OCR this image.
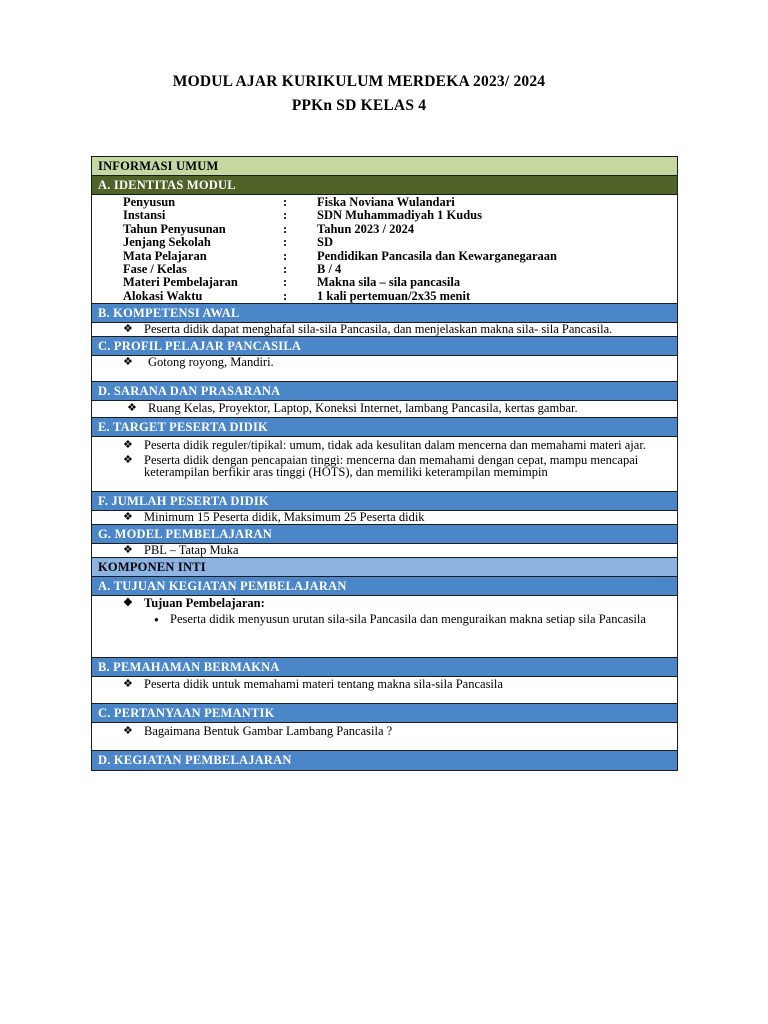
MODUL AJAR KURIKULUM MERDEKA 2023/ 2024
PPKn SD KELAS 4
INFORMASI UMUM
A. IDENTITAS MODUL
Penyusun	: Fiska Noviana Wulandari
Instansi	: SDN Muhammadiyah 1 Kudus
Tahun Penyusunan	: Tahun 2023 / 2024
Jenjang Sekolah	: SD
Mata Pelajaran	: Pendidikan Pancasila dan Kewarganegaraan
Fase / Kelas	: B / 4
Materi Pembelajaran	: Makna sila – sila pancasila
Alokasi Waktu	: 1 kali pertemuan/2x35 menit
B. KOMPETENSI AWAL
❖ Peserta didik dapat menghafal sila-sila Pancasila, dan menjelaskan makna sila- sila Pancasila.
C. PROFIL PELAJAR PANCASILA
❖ Gotong royong, Mandiri.
D. SARANA DAN PRASARANA
❖ Ruang Kelas, Proyektor, Laptop, Koneksi Internet, lambang Pancasila, kertas gambar.
E. TARGET PESERTA DIDIK
❖ Peserta didik reguler/tipikal: umum, tidak ada kesulitan dalam mencerna dan memahami materi ajar.
❖ Peserta didik dengan pencapaian tinggi: mencerna dan memahami dengan cepat, mampu mencapai keterampilan berfikir aras tinggi (HOTS), dan memiliki keterampilan memimpin
F. JUMLAH PESERTA DIDIK
❖ Minimum 15 Peserta didik, Maksimum 25 Peserta didik
G. MODEL PEMBELAJARAN
❖ PBL – Tatap Muka
KOMPONEN INTI
A. TUJUAN KEGIATAN PEMBELAJARAN
❖ Tujuan Pembelajaran:
● Peserta didik menyusun urutan sila-sila Pancasila dan menguraikan makna setiap sila Pancasila
B. PEMAHAMAN BERMAKNA
❖ Peserta didik untuk memahami materi tentang makna sila-sila Pancasila
C. PERTANYAAN PEMANTIK
❖ Bagaimana Bentuk Gambar Lambang Pancasila ?
D. KEGIATAN PEMBELAJARAN
